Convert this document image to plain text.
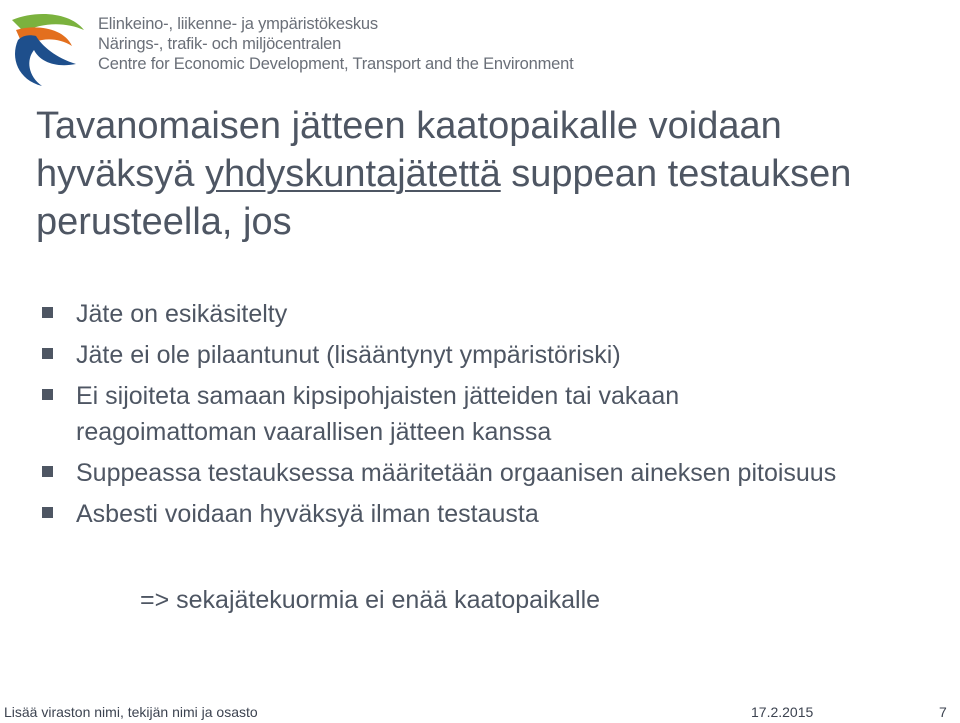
Elinkeino-, liikenne- ja ympäristökeskus
Närings-, trafik- och miljöcentralen
Centre for Economic Development, Transport and the Environment
Tavanomaisen jätteen kaatopaikalle voidaan hyväksyä yhdyskuntajätettä suppean testauksen perusteella, jos
Jäte on esikäsitelty
Jäte ei ole pilaantunut (lisääntynyt ympäristöriski)
Ei sijoiteta samaan kipsipohjaisten jätteiden tai vakaan
reagoimattoman vaarallisen jätteen kanssa
Suppeassa testauksessa määritetään orgaanisen aineksen pitoisuus
Asbesti voidaan hyväksyä ilman testausta
=> sekajätekuormia ei enää kaatopaikalle
Lisää viraston nimi, tekijän nimi ja osasto	17.2.2015	7
